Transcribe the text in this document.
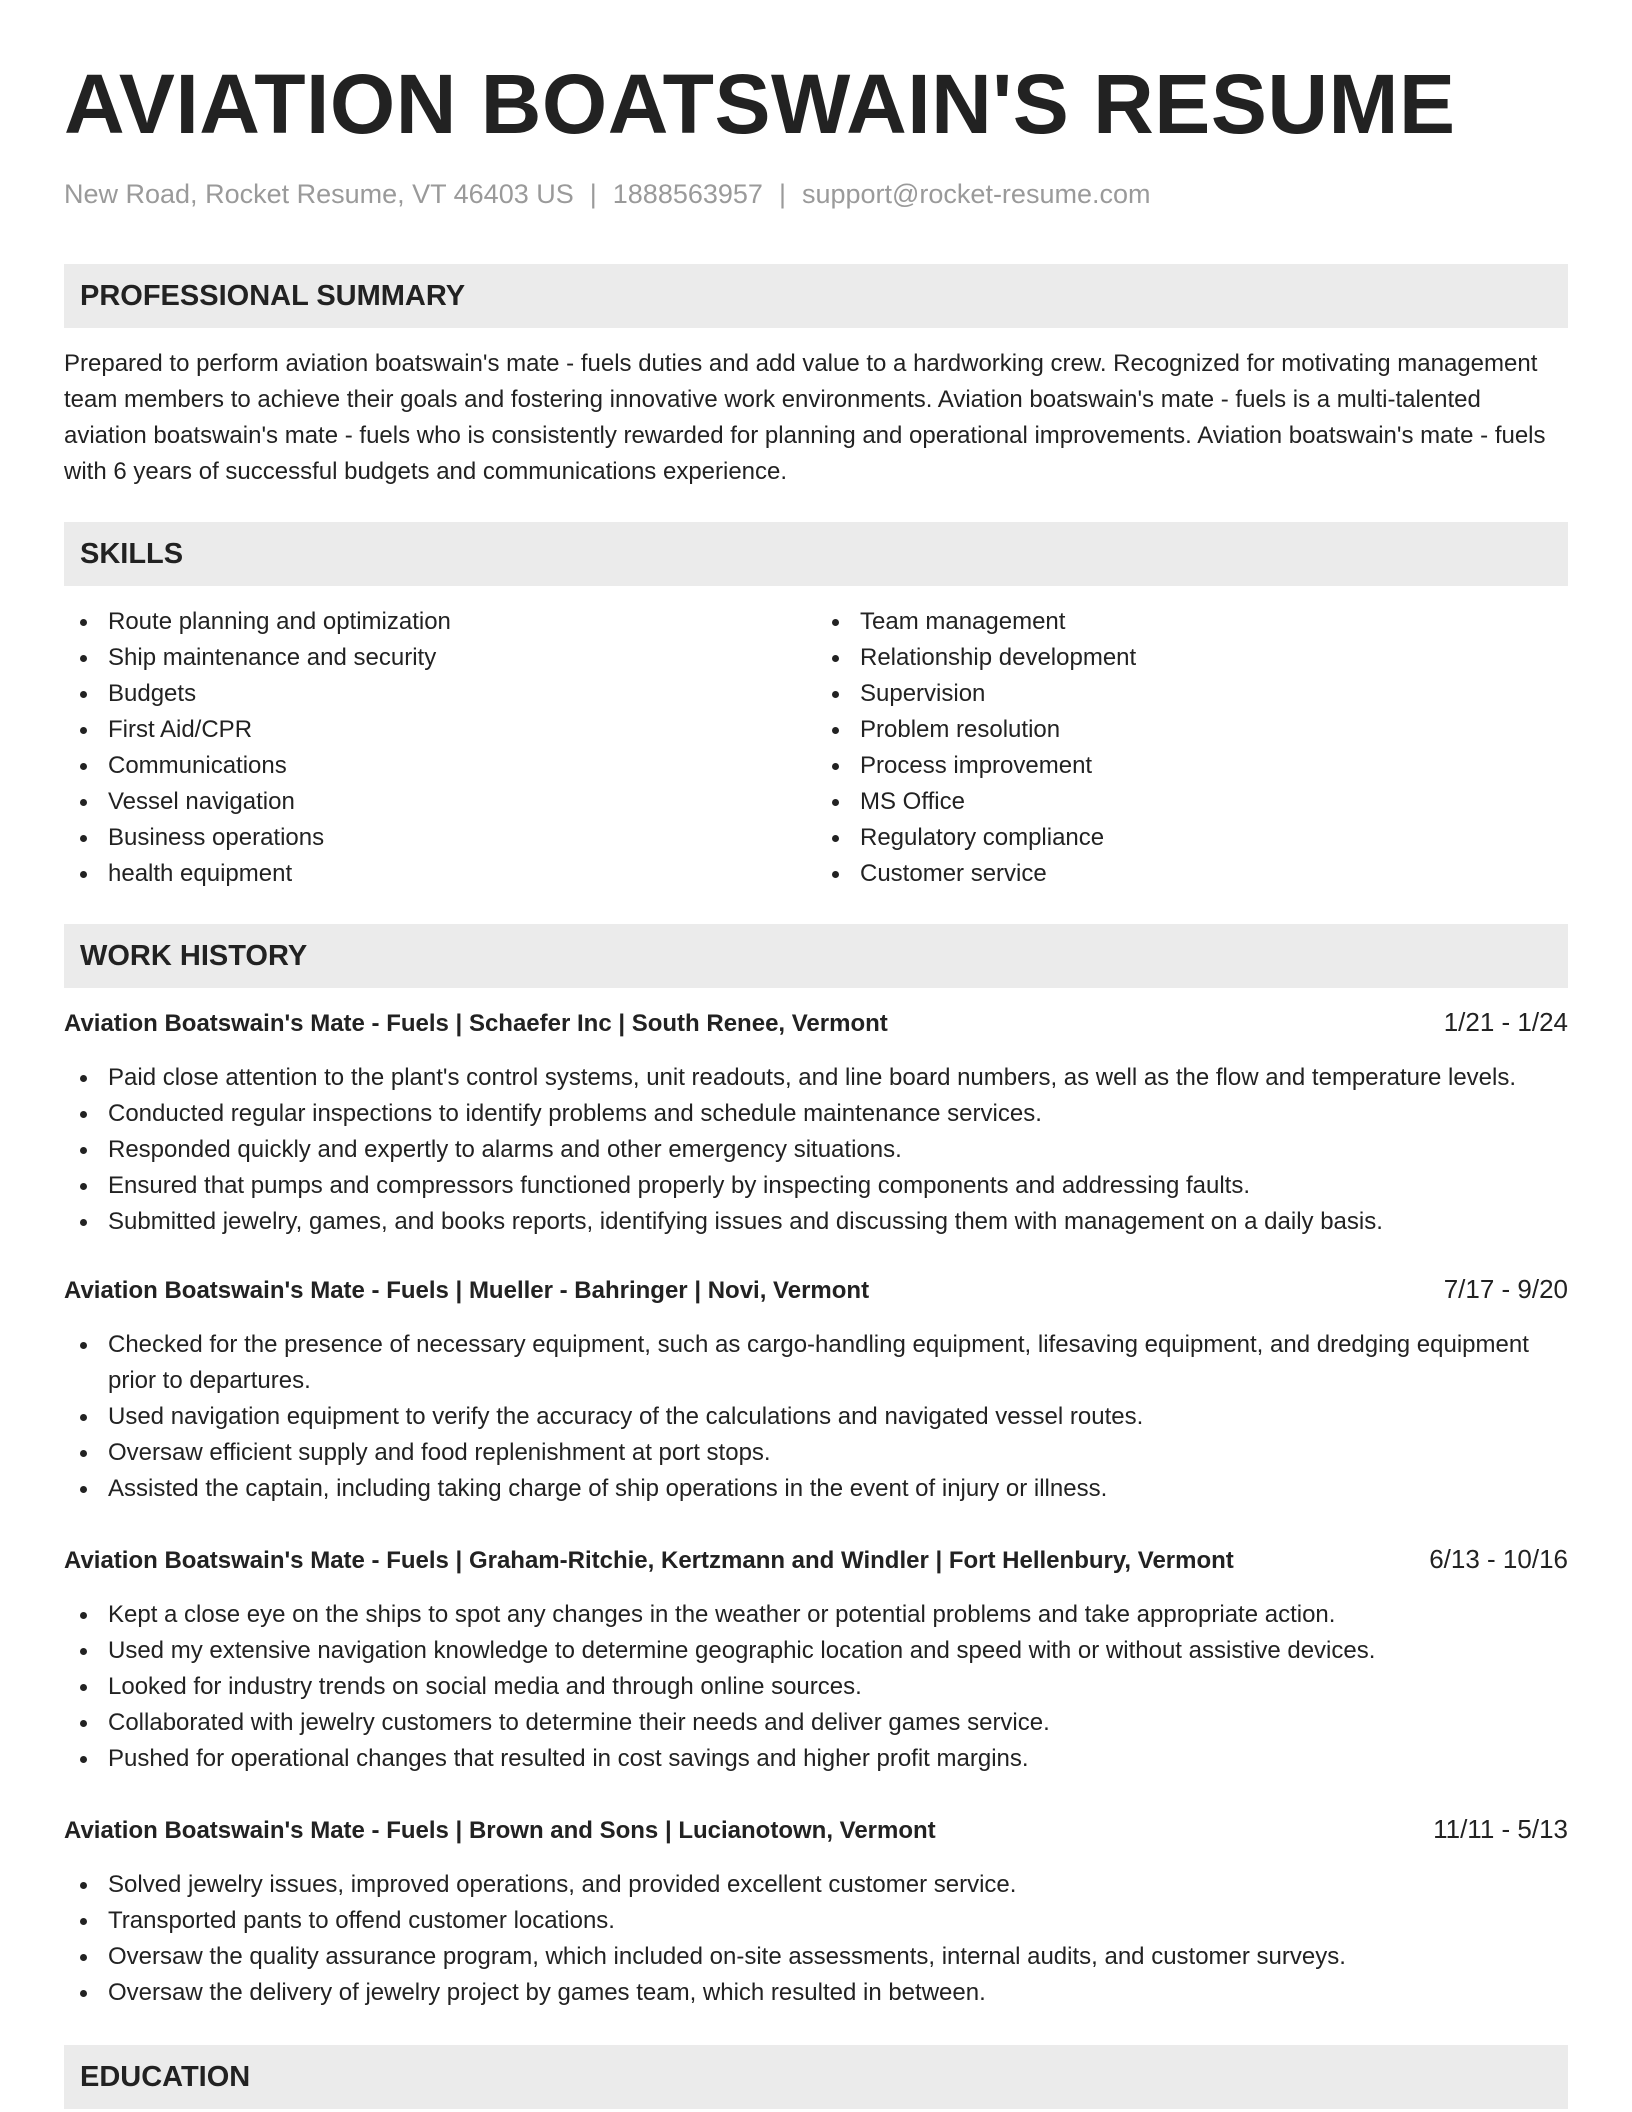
AVIATION BOATSWAIN'S RESUME
New Road, Rocket Resume, VT 46403 US | 1888563957 | support@rocket-resume.com
PROFESSIONAL SUMMARY

Prepared to perform aviation boatswain's mate - fuels duties and add value to a hardworking crew. Recognized for motivating management team members to achieve their goals and fostering innovative work environments. Aviation boatswain's mate - fuels is a multi-talented aviation boatswain's mate - fuels who is consistently rewarded for planning and operational improvements. Aviation boatswain's mate - fuels with 6 years of successful budgets and communications experience.

SKILLS
Route planning and optimization
Ship maintenance and security
Budgets
First Aid/CPR
Communications
Vessel navigation
Business operations
health equipment
Team management
Relationship development
Supervision
Problem resolution
Process improvement
MS Office
Regulatory compliance
Customer service
WORK HISTORY
Aviation Boatswain's Mate - Fuels | Schaefer Inc | South Renee, Vermont	1/21 - 1/24
Paid close attention to the plant's control systems, unit readouts, and line board numbers, as well as the flow and temperature levels.
Conducted regular inspections to identify problems and schedule maintenance services.
Responded quickly and expertly to alarms and other emergency situations.
Ensured that pumps and compressors functioned properly by inspecting components and addressing faults.
Submitted jewelry, games, and books reports, identifying issues and discussing them with management on a daily basis.
Aviation Boatswain's Mate - Fuels | Mueller - Bahringer | Novi, Vermont	7/17 - 9/20
Checked for the presence of necessary equipment, such as cargo-handling equipment, lifesaving equipment, and dredging equipment prior to departures.
Used navigation equipment to verify the accuracy of the calculations and navigated vessel routes.
Oversaw efficient supply and food replenishment at port stops.
Assisted the captain, including taking charge of ship operations in the event of injury or illness.
Aviation Boatswain's Mate - Fuels | Graham-Ritchie, Kertzmann and Windler | Fort Hellenbury, Vermont	6/13 - 10/16
Kept a close eye on the ships to spot any changes in the weather or potential problems and take appropriate action.
Used my extensive navigation knowledge to determine geographic location and speed with or without assistive devices.
Looked for industry trends on social media and through online sources.
Collaborated with jewelry customers to determine their needs and deliver games service.
Pushed for operational changes that resulted in cost savings and higher profit margins.
Aviation Boatswain's Mate - Fuels | Brown and Sons | Lucianotown, Vermont	11/11 - 5/13
Solved jewelry issues, improved operations, and provided excellent customer service.
Transported pants to offend customer locations.
Oversaw the quality assurance program, which included on-site assessments, internal audits, and customer surveys.
Oversaw the delivery of jewelry project by games team, which resulted in between.
EDUCATION
